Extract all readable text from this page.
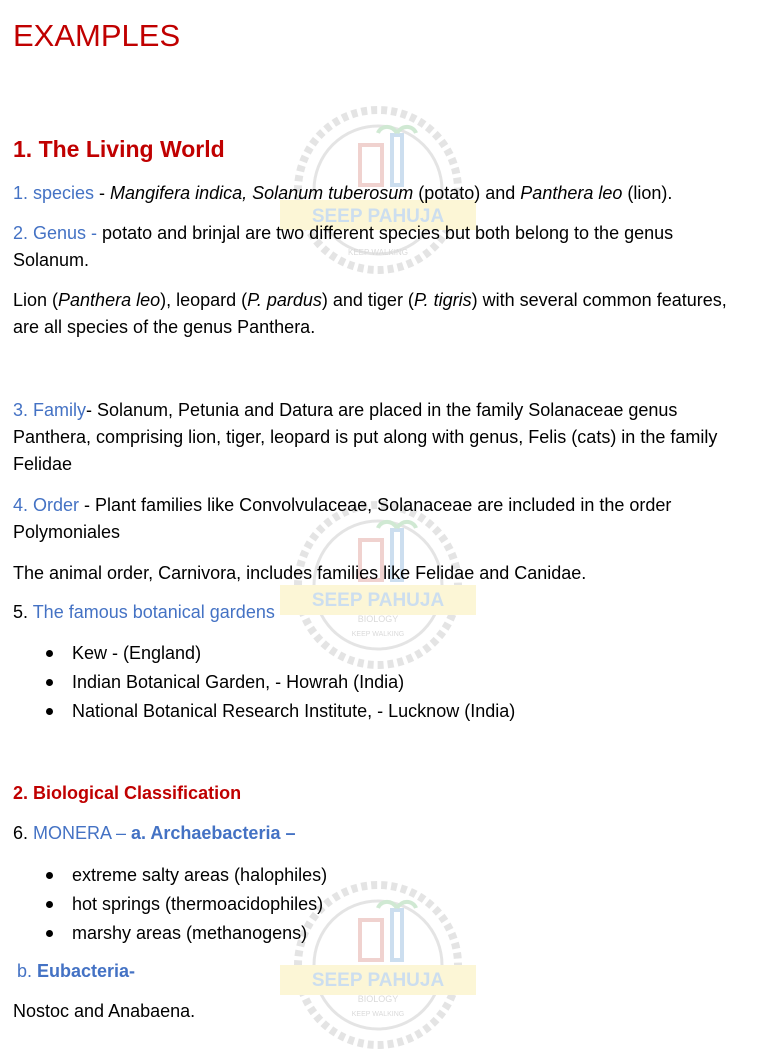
SEEP PAHUJA
KEEP WALKING
SEEP PAHUJA
BIOLOGY
KEEP WALKING
SEEP PAHUJA
BIOLOGY
KEEP WALKING
EXAMPLES
1. The Living World

1. species - Mangifera indica, Solanum tuberosum (potato) and Panthera leo (lion).

2. Genus - potato and brinjal are two different species but both belong to the genus Solanum.

Lion (Panthera leo), leopard (P. pardus) and tiger (P. tigris) with several common features, are all species of the genus Panthera.

3. Family- Solanum, Petunia and Datura are placed in the family Solanaceae genus Panthera, comprising lion, tiger, leopard is put along with genus, Felis (cats) in the family Felidae

4. Order - Plant families like Convolvulaceae, Solanaceae are included in the order Polymoniales

The animal order, Carnivora, includes families like Felidae and Canidae.

5. The famous botanical gardens

Kew - (England)
Indian Botanical Garden, - Howrah (India)
National Botanical Research Institute, - Lucknow (India)
2. Biological Classification

6. MONERA – a. Archaebacteria –

extreme salty areas (halophiles)
hot springs (thermoacidophiles)
marshy areas (methanogens)

b. Eubacteria-

Nostoc and Anabaena.
